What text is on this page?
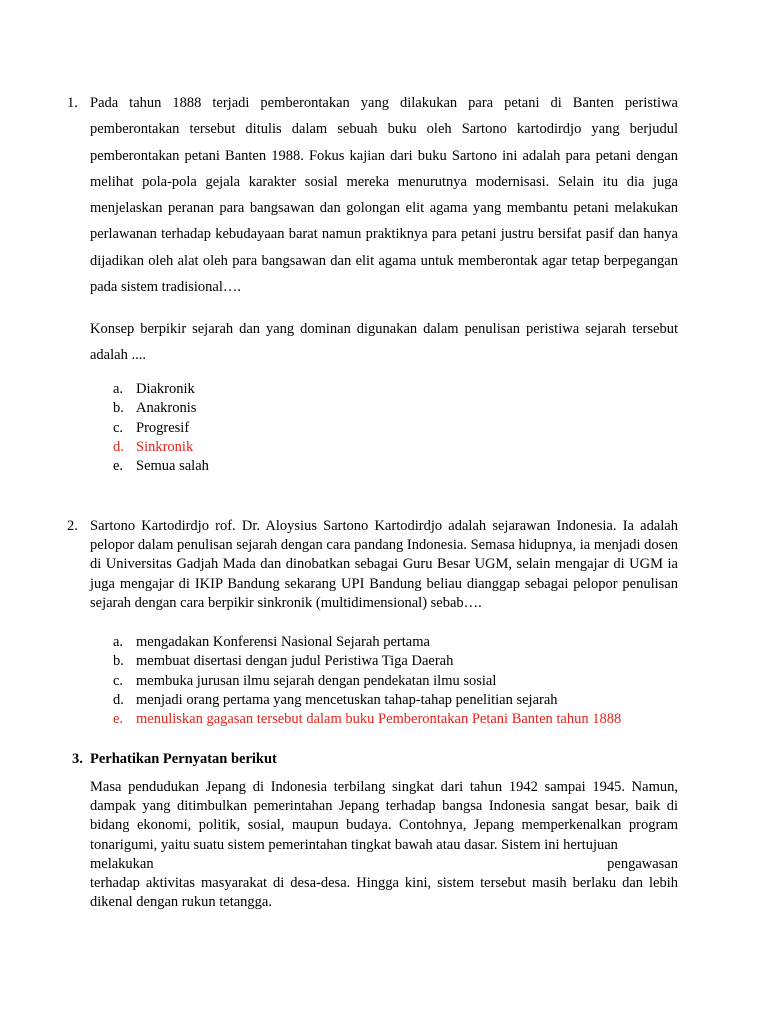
1. Pada tahun 1888 terjadi pemberontakan yang dilakukan para petani di Banten peristiwa pemberontakan tersebut ditulis dalam sebuah buku oleh Sartono kartodirdjo yang berjudul pemberontakan petani Banten 1988. Fokus kajian dari buku Sartono ini adalah para petani dengan melihat pola-pola gejala karakter sosial mereka menurutnya modernisasi. Selain itu dia juga menjelaskan peranan para bangsawan dan golongan elit agama yang membantu petani melakukan perlawanan terhadap kebudayaan barat namun praktiknya para petani justru bersifat pasif dan hanya dijadikan oleh alat oleh para bangsawan dan elit agama untuk memberontak agar tetap berpegangan pada sistem tradisional….

Konsep berpikir sejarah dan yang dominan digunakan dalam penulisan peristiwa sejarah tersebut adalah ....

a. Diakronik
b. Anakronis
c. Progresif
d. Sinkronik
e. Semua salah
2. Sartono Kartodirdjo rof. Dr. Aloysius Sartono Kartodirdjo adalah sejarawan Indonesia. Ia adalah pelopor dalam penulisan sejarah dengan cara pandang Indonesia. Semasa hidupnya, ia menjadi dosen di Universitas Gadjah Mada dan dinobatkan sebagai Guru Besar UGM, selain mengajar di UGM ia juga mengajar di IKIP Bandung sekarang UPI Bandung beliau dianggap sebagai pelopor penulisan sejarah dengan cara berpikir sinkronik (multidimensional) sebab….

a. mengadakan Konferensi Nasional Sejarah pertama
b. membuat disertasi dengan judul Peristiwa Tiga Daerah
c. membuka jurusan ilmu sejarah dengan pendekatan ilmu sosial
d. menjadi orang pertama yang mencetuskan tahap-tahap penelitian sejarah
e. menuliskan gagasan tersebut dalam buku Pemberontakan Petani Banten tahun 1888
3. Perhatikan Pernyatan berikut
Masa pendudukan Jepang di Indonesia terbilang singkat dari tahun 1942 sampai 1945. Namun, dampak yang ditimbulkan pemerintahan Jepang terhadap bangsa Indonesia sangat besar, baik di bidang ekonomi, politik, sosial, maupun budaya. Contohnya, Jepang memperkenalkan program tonarigumi, yaitu suatu sistem pemerintahan tingkat bawah atau dasar. Sistem ini hertujuan
melakukan	pengawasan
terhadap aktivitas masyarakat di desa-desa. Hingga kini, sistem tersebut masih berlaku dan lebih dikenal dengan rukun tetangga.
